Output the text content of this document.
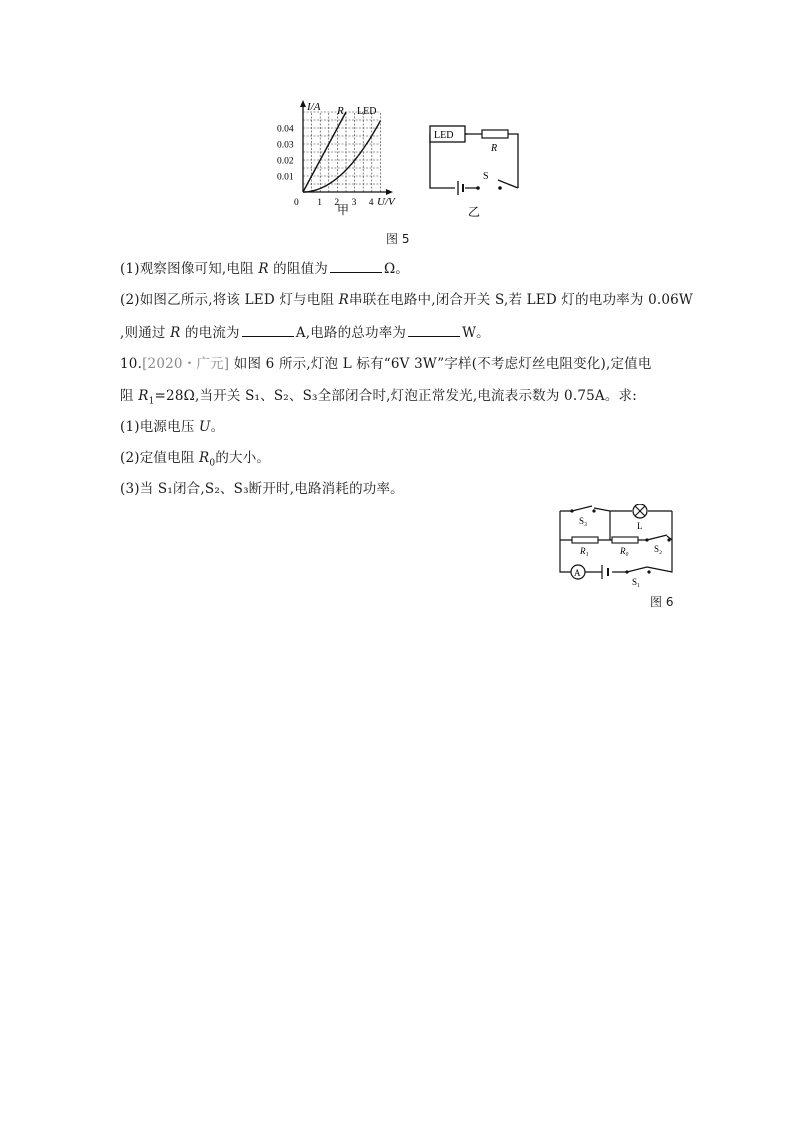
0.04
0.03
0.02
0.01
0 1 2 3 4
I/A
U/V
R LED
甲
LED
R
S
乙
图 5
(1)观察图像可知,电阻 R 的阻值为	Ω。
(2)如图乙所示,将该 LED 灯与电阻 R串联在电路中,闭合开关 S,若 LED 灯的电功率为 0.06W
,则通过 R 的电流为	A,电路的总功率为	W。
10.[2020・广元] 如图 6 所示,灯泡 L 标有“6V 3W”字样(不考虑灯丝电阻变化),定值电
阻 $R_1=28\Omega$,当开关 S₁、S₂、S₃全部闭合时,灯泡正常发光,电流表示数为 0.75A。求:
(1)电源电压 U。
(2)定值电阻 $R_0$的大小。
(3)当 S₁闭合,S₂、S₃断开时,电路消耗的功率。
S₃	L
R₁	R₀	S₂
A
S₁
图 6
